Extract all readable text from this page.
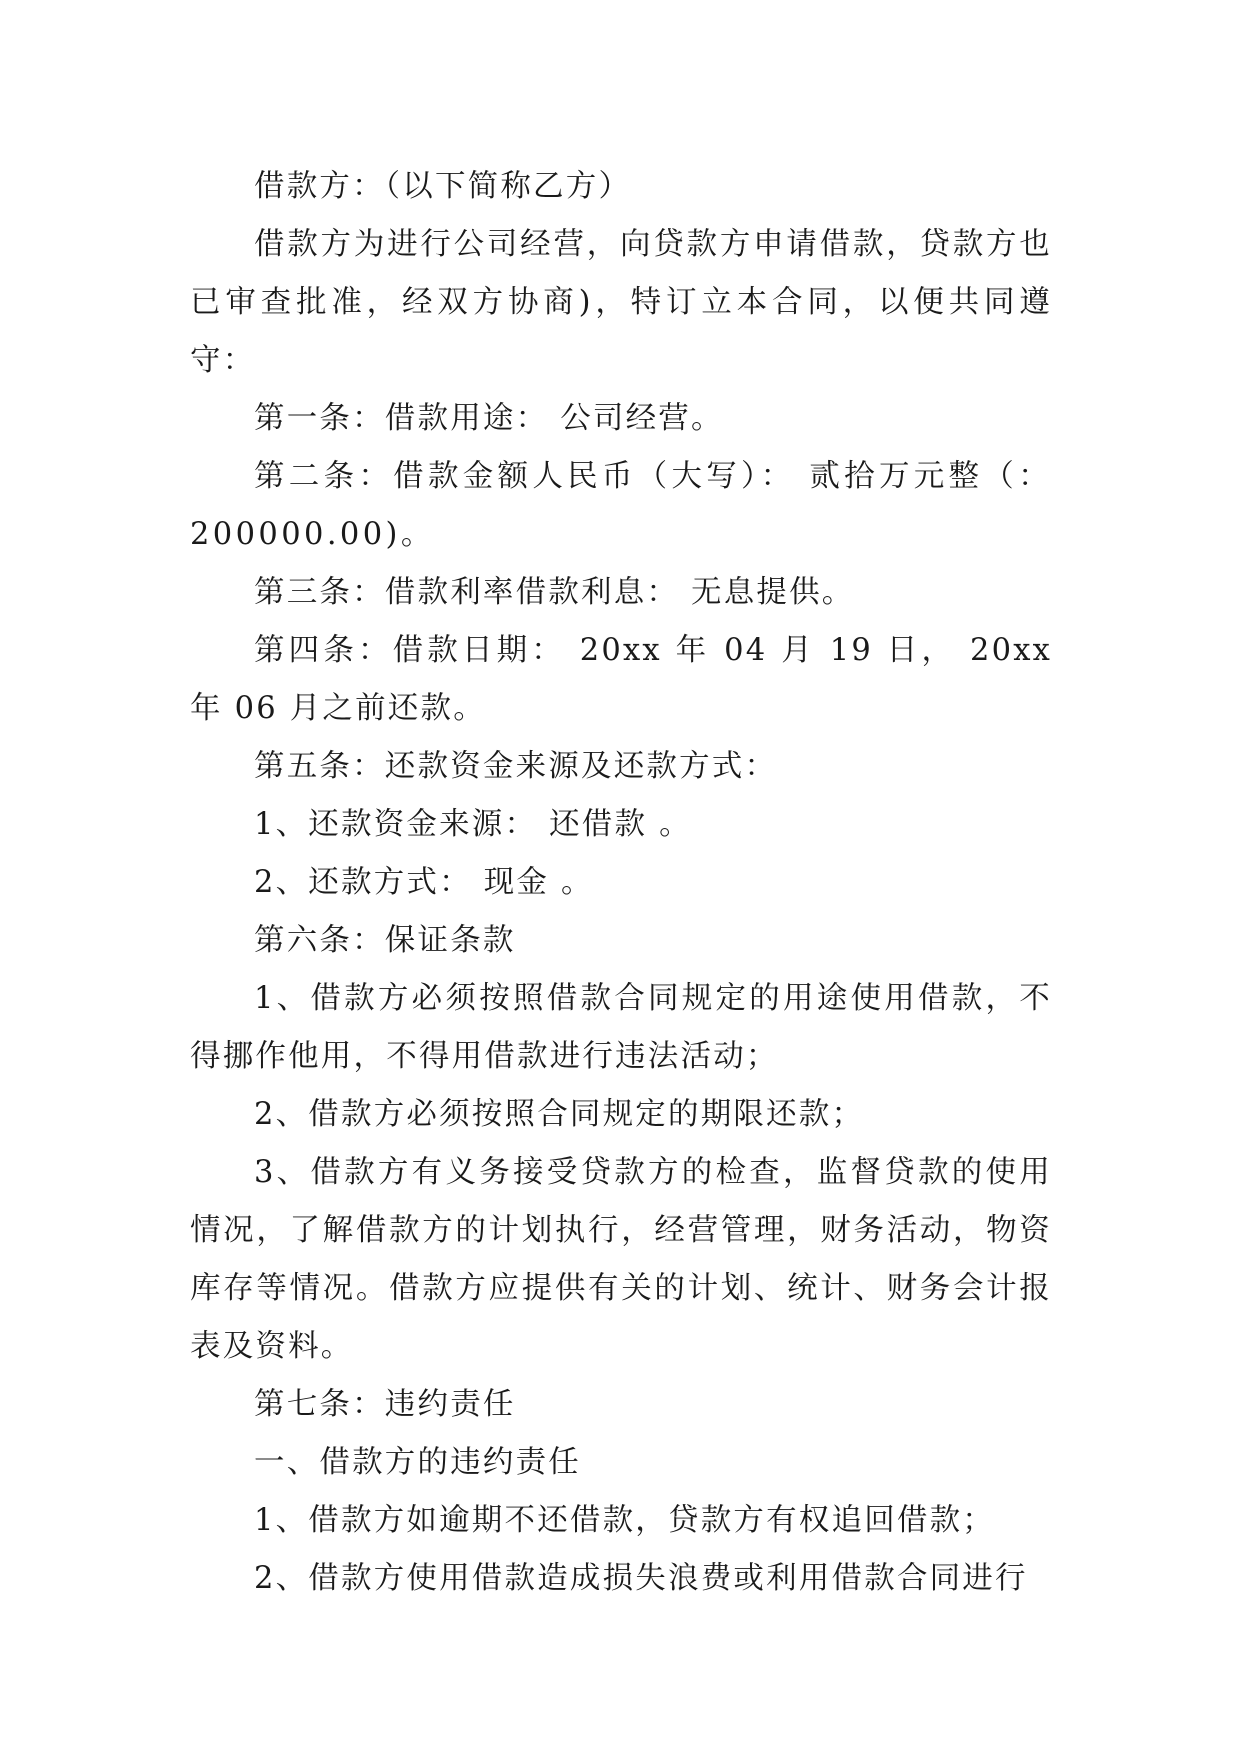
借款方：（以下简称乙方）

借款方为进行公司经营，向贷款方申请借款，贷款方也已审查批准，经双方协商)，特订立本合同，以便共同遵守：

第一条：借款用途： 公司经营。

第二条：借款金额人民币（大写）： 贰拾万元整（：200000.00)。

第三条：借款利率借款利息： 无息提供。

第四条：借款日期： 20xx 年 04 月 19 日， 20xx 年 06 月之前还款。

第五条：还款资金来源及还款方式：

1、还款资金来源： 还借款 。

2、还款方式： 现金 。

第六条：保证条款

1、借款方必须按照借款合同规定的用途使用借款，不得挪作他用，不得用借款进行违法活动；

2、借款方必须按照合同规定的期限还款；

3、借款方有义务接受贷款方的检查，监督贷款的使用情况，了解借款方的计划执行，经营管理，财务活动，物资库存等情况。借款方应提供有关的计划、统计、财务会计报表及资料。

第七条：违约责任

一、借款方的违约责任

1、借款方如逾期不还借款，贷款方有权追回借款；

2、借款方使用借款造成损失浪费或利用借款合同进行
